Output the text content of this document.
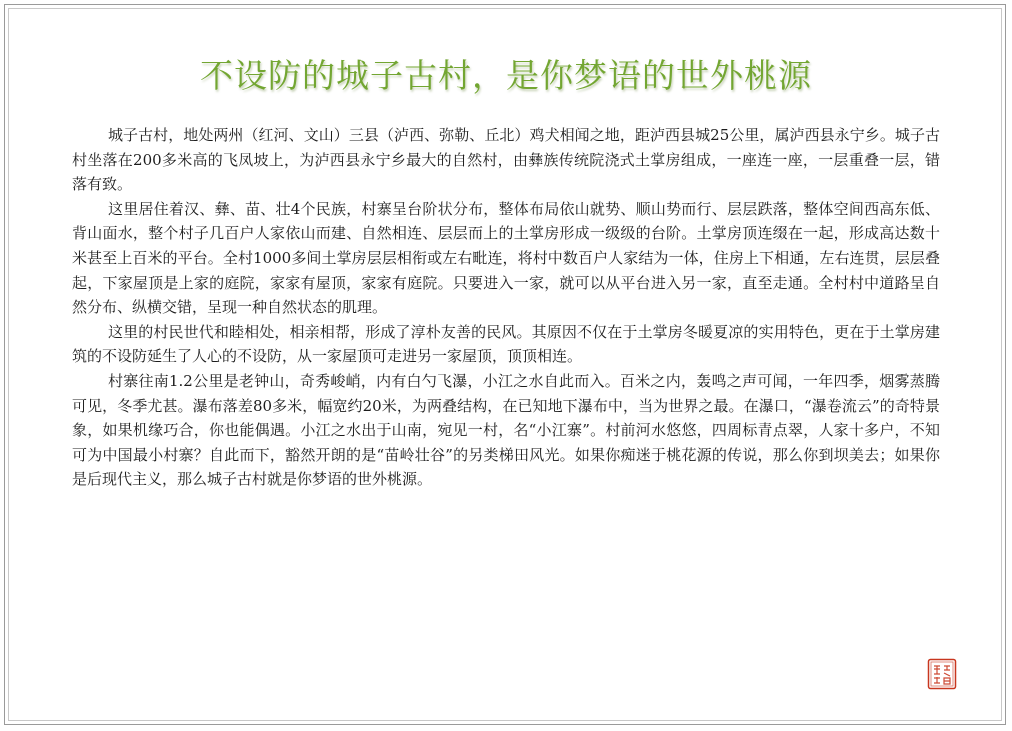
不设防的城子古村，是你梦语的世外桃源

城子古村，地处两州（红河、文山）三县（泸西、弥勒、丘北）鸡犬相闻之地，距泸西县城25公里，属泸西县永宁乡。城子古村坐落在200多米高的飞凤坡上，为泸西县永宁乡最大的自然村，由彝族传统院浇式土掌房组成，一座连一座，一层重叠一层，错落有致。

这里居住着汉、彝、苗、壮4个民族，村寨呈台阶状分布，整体布局依山就势、顺山势而行、层层跌落，整体空间西高东低、背山面水，整个村子几百户人家依山而建、自然相连、层层而上的土掌房形成一级级的台阶。土掌房顶连缀在一起，形成高达数十米甚至上百米的平台。全村1000多间土掌房层层相衔或左右毗连，将村中数百户人家结为一体，住房上下相通，左右连贯，层层叠起，下家屋顶是上家的庭院，家家有屋顶，家家有庭院。只要进入一家，就可以从平台进入另一家，直至走通。全村村中道路呈自然分布、纵横交错，呈现一种自然状态的肌理。

这里的村民世代和睦相处，相亲相帮，形成了淳朴友善的民风。其原因不仅在于土掌房冬暖夏凉的实用特色，更在于土掌房建筑的不设防延生了人心的不设防，从一家屋顶可走进另一家屋顶，顶顶相连。

村寨往南1.2公里是老钟山，奇秀峻峭，内有白勺飞瀑，小江之水自此而入。百米之内，轰鸣之声可闻，一年四季，烟雾蒸腾可见，冬季尤甚。瀑布落差80多米，幅宽约20米，为两叠结构，在已知地下瀑布中，当为世界之最。在瀑口，“瀑卷流云”的奇特景象，如果机缘巧合，你也能偶遇。小江之水出于山南，宛见一村，名“小江寨”。村前河水悠悠，四周标青点翠，人家十多户，不知可为中国最小村寨？自此而下，豁然开朗的是“苗岭壮谷”的另类梯田风光。如果你痴迷于桃花源的传说，那么你到坝美去；如果你是后现代主义，那么城子古村就是你梦语的世外桃源。
